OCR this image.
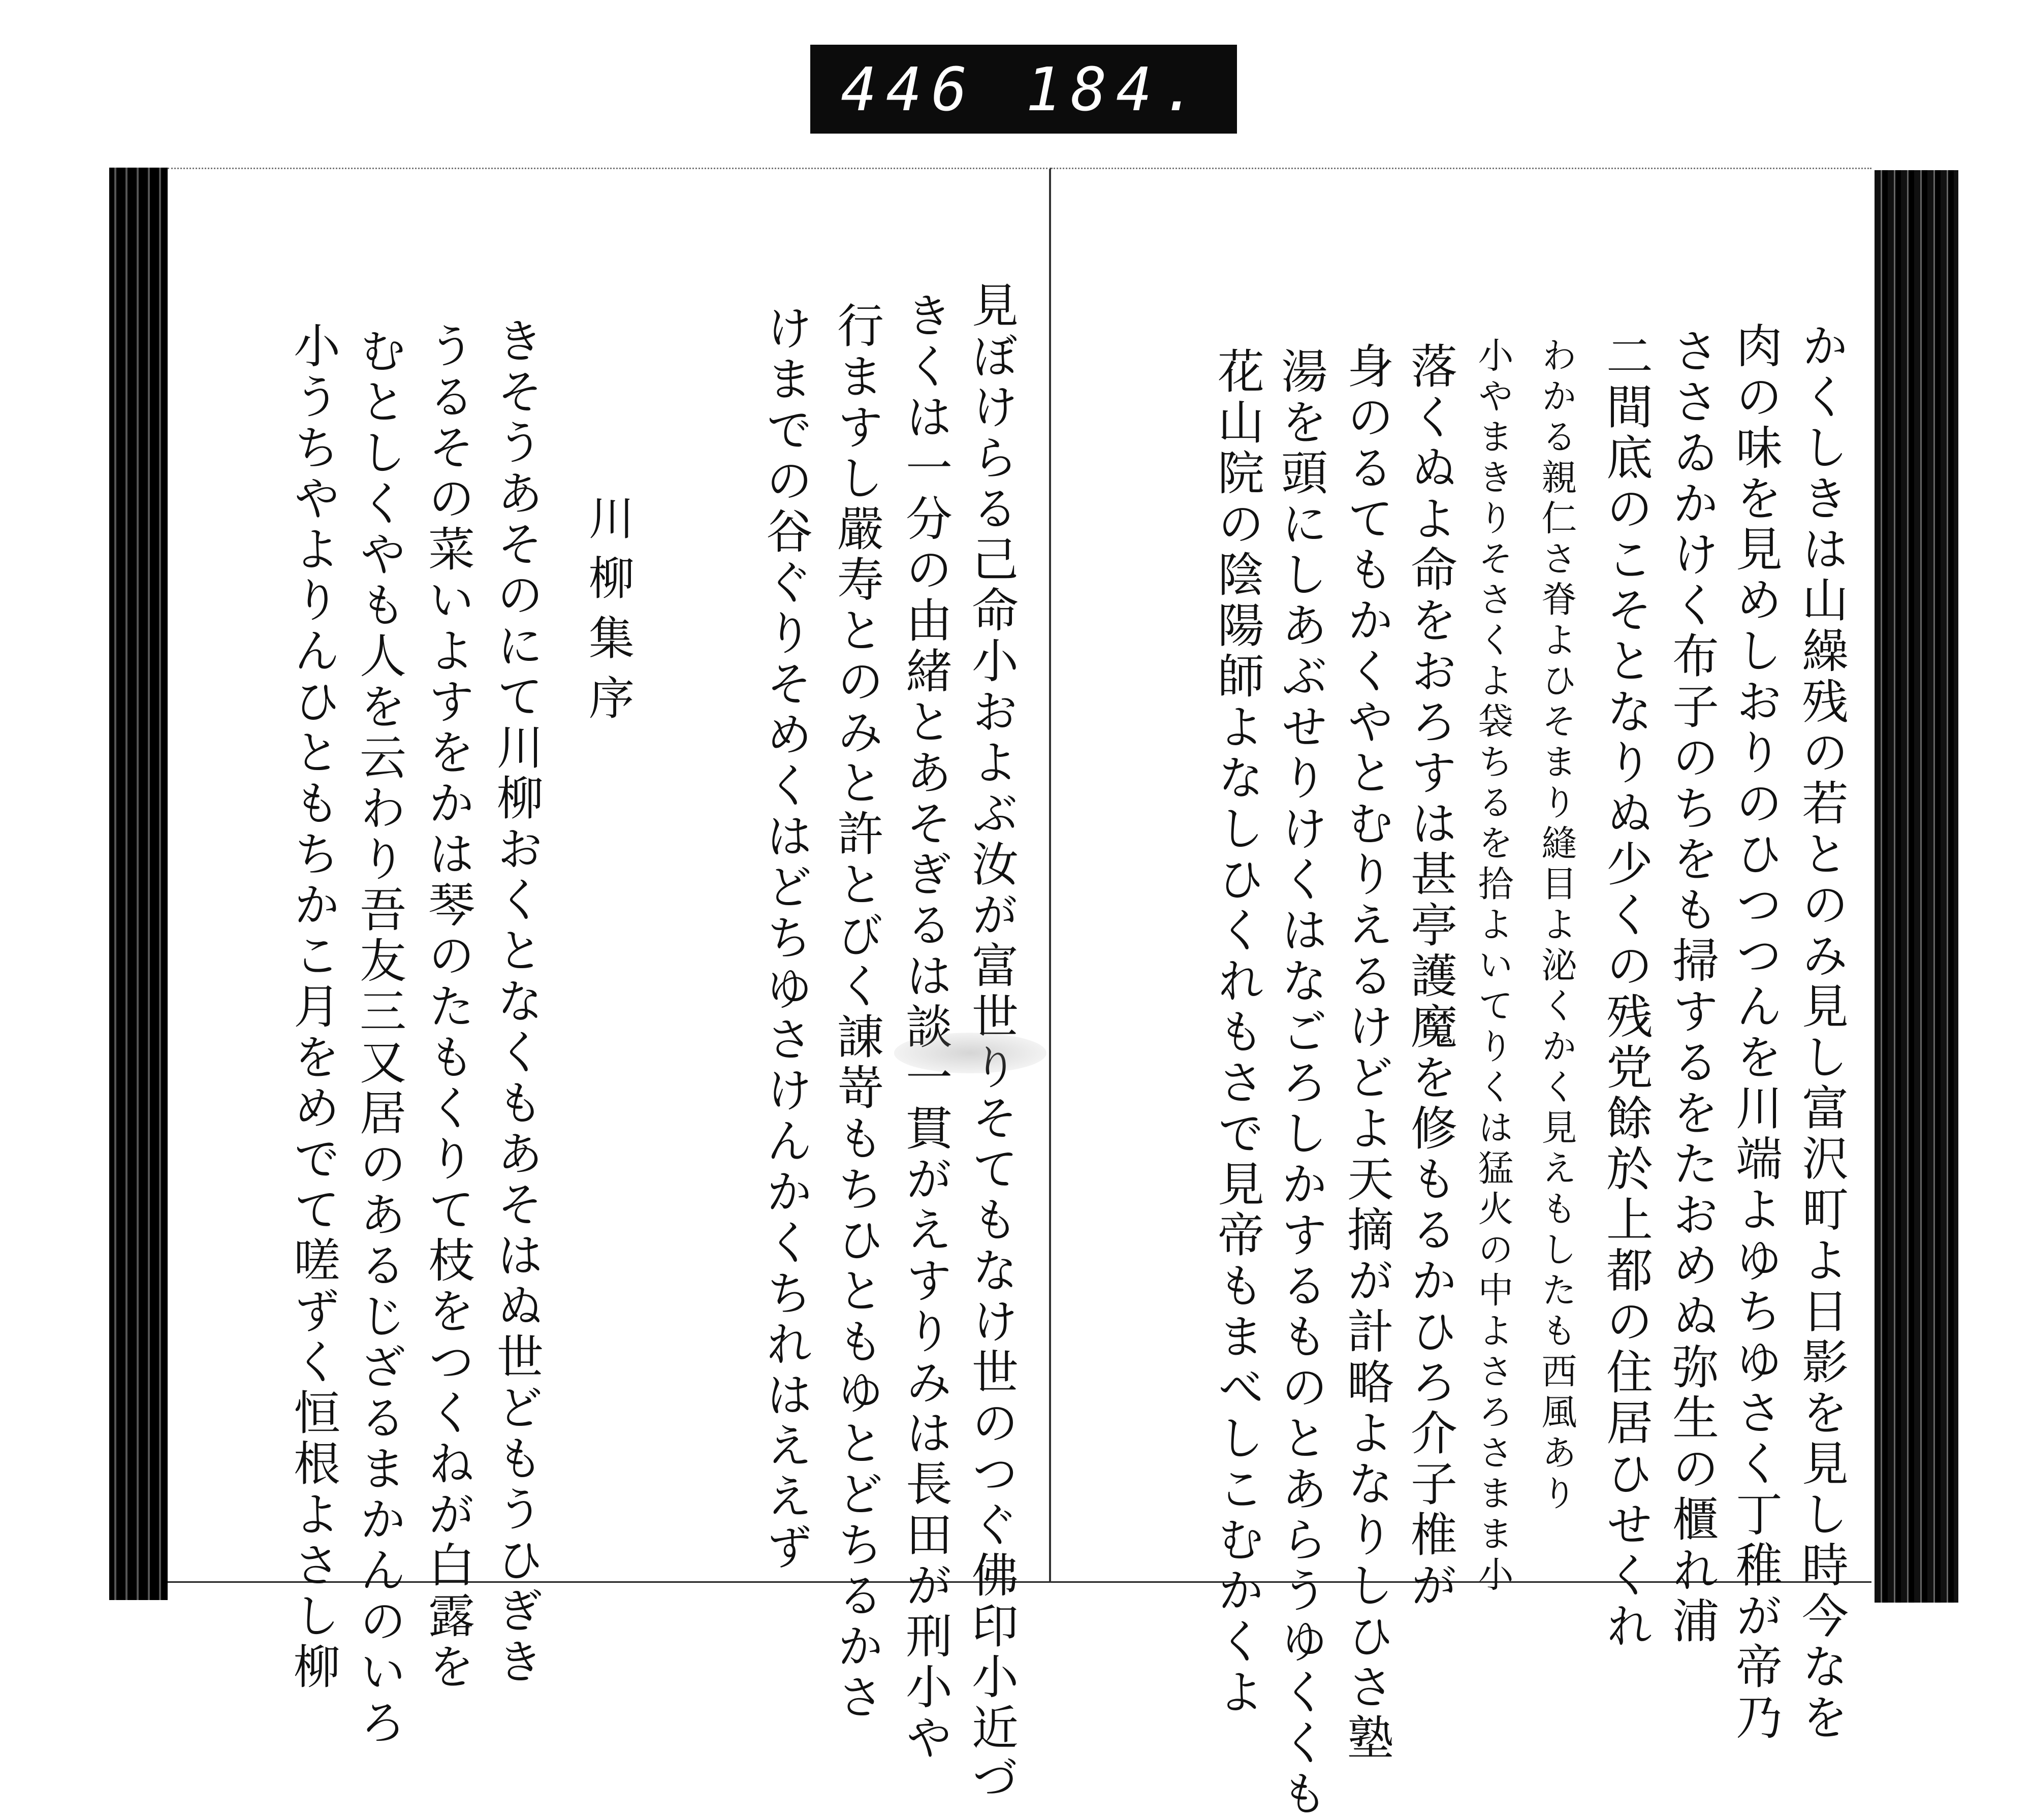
446 184.
見ぼけらる己命小およぶ汝が富世りそてもなけ世のつぐ佛印小近づ
きくは一分の由緒とあそぎるは談一貫がえすりみは長田が刑小や
行ますし嚴寿とのみと許とびく諌嵜もちひともゆとどちるかさ
けまでの谷ぐりそめくはどちゆさけんかくちれはええず
川柳集序
きそうあそのにて川柳おくとなくもあそはぬ世どもうひぎき
うるその菜いよすをかは琴のたもくりて枝をつくねが白露を
むとしくやも人を云わり吾友三又居のあるじざるまかんのいろ
小うちやよりんひともちかこ月をめでて嗟ずく恒根よさし柳	かくしきは山繰残の若とのみ見し富沢町よ日影を見し時今なを
肉の味を見めしおりのひつつんを川端よゆちゆさく丁稚が帝乃
ささゐかけく布子のちをも掃するをたおめぬ弥生の櫃れ浦
二間底のこそとなりぬ少くの残党餘於上都の住居ひせくれ
わかる親仁さ脊よひそまり縫目よ泌くかく見えもしたも西風あり
小やまきりそさくよ袋ちるを拾よいてりくは猛火の中よさろさまま小
落くぬよ命をおろすは甚亭護魔を修もるかひろ介子椎が
身のるてもかくやとむりえるけどよ天摘が計略よなりしひさ塾
湯を頭にしあぶせりけくはなごろしかするものとあらうゆくくも
花山院の陰陽師よなしひくれもさで見帝もまべしこむかくよ
